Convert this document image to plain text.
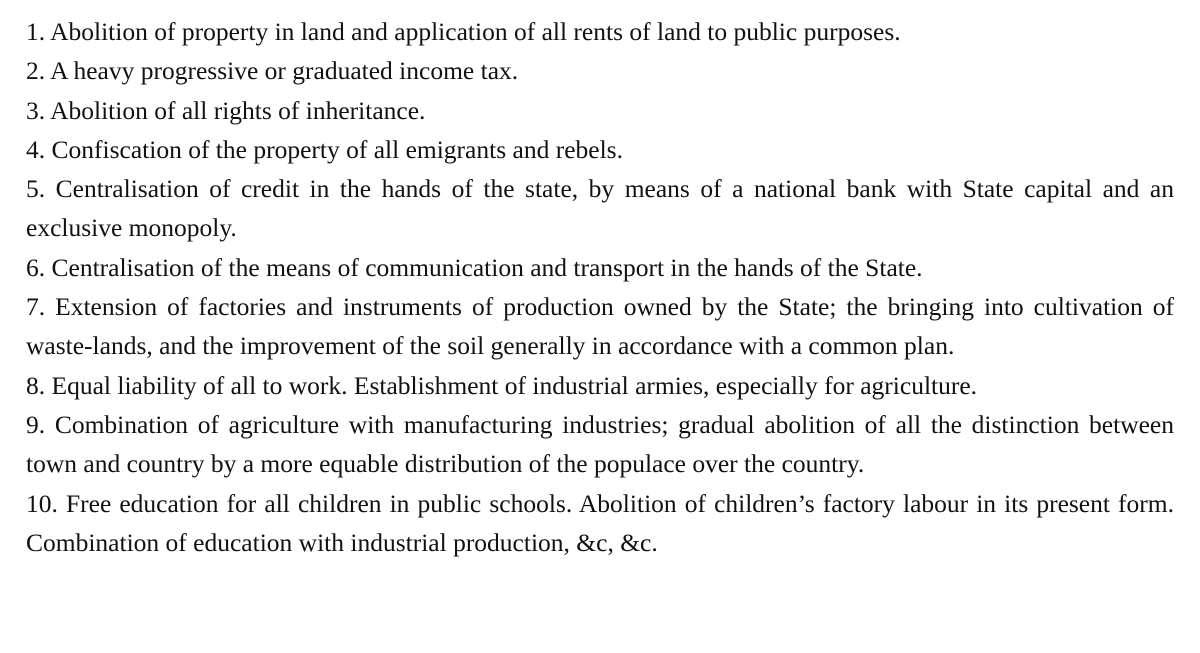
1. Abolition of property in land and application of all rents of land to public purposes.

2. A heavy progressive or graduated income tax.

3. Abolition of all rights of inheritance.

4. Confiscation of the property of all emigrants and rebels.

5. Centralisation of credit in the hands of the state, by means of a national bank with State capital and an exclusive monopoly.

6. Centralisation of the means of communication and transport in the hands of the State.

7. Extension of factories and instruments of production owned by the State; the bringing into cultivation of waste-lands, and the improvement of the soil generally in accordance with a common plan.

8. Equal liability of all to work. Establishment of industrial armies, especially for agriculture.

9. Combination of agriculture with manufacturing industries; gradual abolition of all the distinction between town and country by a more equable distribution of the populace over the country.

10. Free education for all children in public schools. Abolition of children’s factory labour in its present form. Combination of education with industrial production, &c, &c.
